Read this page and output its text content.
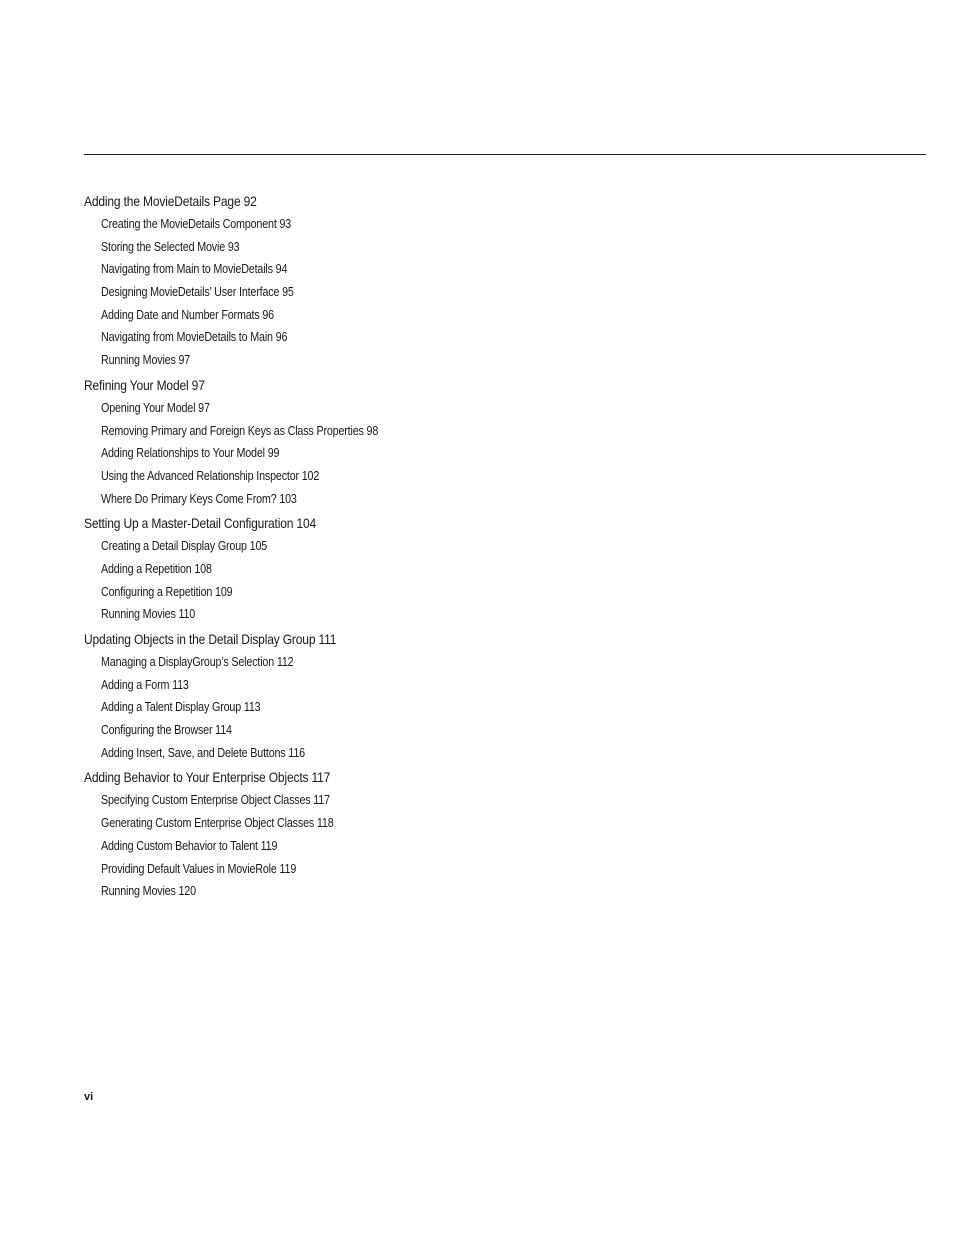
Adding the MovieDetails Page 92
Creating the MovieDetails Component 93
Storing the Selected Movie 93
Navigating from Main to MovieDetails 94
Designing MovieDetails’ User Interface 95
Adding Date and Number Formats 96
Navigating from MovieDetails to Main 96
Running Movies 97
Refining Your Model 97
Opening Your Model 97
Removing Primary and Foreign Keys as Class Properties 98
Adding Relationships to Your Model 99
Using the Advanced Relationship Inspector 102
Where Do Primary Keys Come From? 103
Setting Up a Master-Detail Configuration 104
Creating a Detail Display Group 105
Adding a Repetition 108
Configuring a Repetition 109
Running Movies 110
Updating Objects in the Detail Display Group 111
Managing a DisplayGroup’s Selection 112
Adding a Form 113
Adding a Talent Display Group 113
Configuring the Browser 114
Adding Insert, Save, and Delete Buttons 116
Adding Behavior to Your Enterprise Objects 117
Specifying Custom Enterprise Object Classes 117
Generating Custom Enterprise Object Classes 118
Adding Custom Behavior to Talent 119
Providing Default Values in MovieRole 119
Running Movies 120
vi
